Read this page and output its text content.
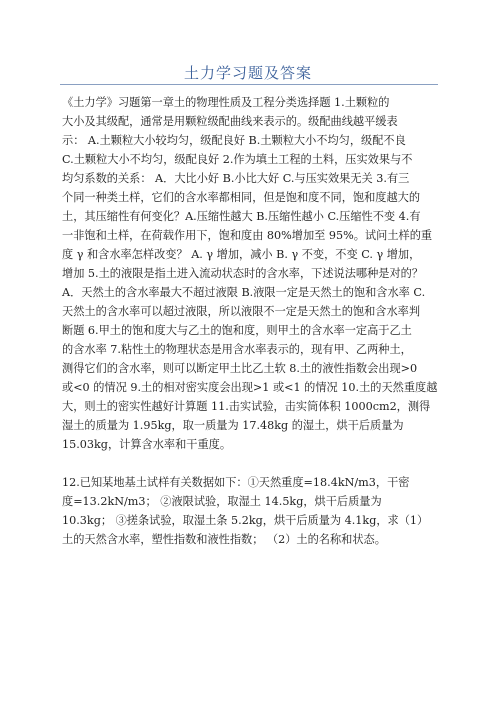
土力学习题及答案
《土力学》习题第一章土的物理性质及工程分类选择题 1.土颗粒的
大小及其级配，通常是用颗粒级配曲线来表示的。级配曲线越平缓表
示： A.土颗粒大小较均匀，级配良好 B.土颗粒大小不均匀，级配不良
C.土颗粒大小不均匀，级配良好 2.作为填土工程的土料，压实效果与不
均匀系数的关系： A．大比小好 B.小比大好 C.与压实效果无关 3.有三
个同一种类土样，它们的含水率都相同，但是饱和度不同，饱和度越大的
土，其压缩性有何变化？A.压缩性越大 B.压缩性越小 C.压缩性不变 4.有
一非饱和土样，在荷载作用下，饱和度由 80%增加至 95%。试问土样的重
度 γ 和含水率怎样改变？ A. γ 增加，减小 B. γ 不变，不变 C. γ 增加，
增加 5.土的液限是指土进入流动状态时的含水率，下述说法哪种是对的？
A．天然土的含水率最大不超过液限 B.液限一定是天然土的饱和含水率 C.
天然土的含水率可以超过液限，所以液限不一定是天然土的饱和含水率判
断题 6.甲土的饱和度大与乙土的饱和度，则甲土的含水率一定高于乙土
的含水率 7.粘性土的物理状态是用含水率表示的，现有甲、乙两种土，
测得它们的含水率，则可以断定甲土比乙土软 8.土的液性指数会出现>0
或<0 的情况 9.土的相对密实度会出现>1 或<1 的情况 10.土的天然重度越
大，则土的密实性越好计算题 11.击实试验，击实筒体积 1000cm2，测得
湿土的质量为 1.95kg，取一质量为 17.48kg 的湿土，烘干后质量为
15.03kg，计算含水率和干重度。
12.已知某地基土试样有关数据如下：①天然重度=18.4kN/m3，干密
度=13.2kN/m3； ②液限试验，取湿土 14.5kg，烘干后质量为
10.3kg； ③搓条试验，取湿土条 5.2kg，烘干后质量为 4.1kg，求（1）
土的天然含水率，塑性指数和液性指数； （2）土的名称和状态。
